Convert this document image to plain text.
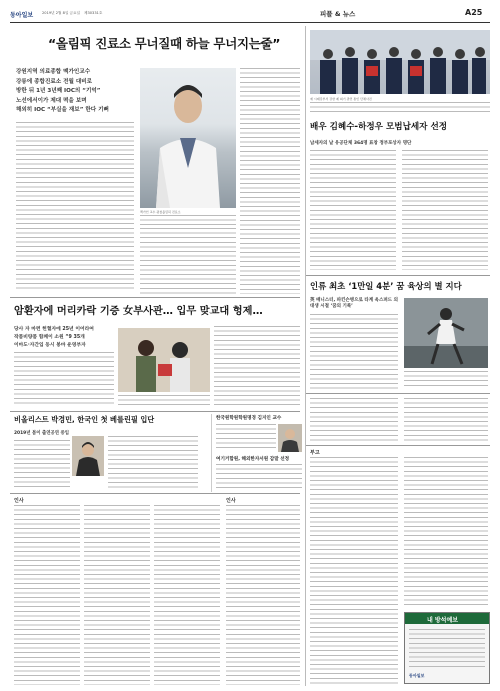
동아일보 2019년 2월 8일 금요일 제30331호	피플 & 뉴스	A25
“올림픽 진료소 무너질때 하늘 무너지는줄”
강원지역 의료종합 맥가인교수
강릉에 종합진료소 전월 대비로
방한 뒤 1년 3년째 IOC의 “기억”
노선에서이가 제대 떡을 보며
해외히 IOC “부실을 재보” 한다 기뻐
맥가인 교수 평창올림픽 진료소
예 시제강부서 강한 제 의기 관련 통인 단체사진
배우 김혜수-하정우 모범납세자 선정
납세자의 날 유공단체 364명 표창 정부포상자 명단
인류 최초 ‘1만일 4분’ 꿈 육상의 별 지다
英 배니스터, 파킨슨병으로 타계 옥스퍼드 의대생 시절 ‘꿈의 기록’
암환자에 머리카락 기증 女부사관… 입무 맞교대 헝제…
당사 자 마련 헌혈자에 25년 이어라여
작품비량품 함께이 소원 “9 35개
이마도·자간입 동시 봉마 운영부자
비올리스트 박경민, 한국인 첫 베를린필 입단
2019년 봄이 출연공연 중입
한국원학원학원명경 김지인 교수
여기거합원, 해외한자서원 감말 선정
인사	인사
부고
내 방석예보
동아일보
